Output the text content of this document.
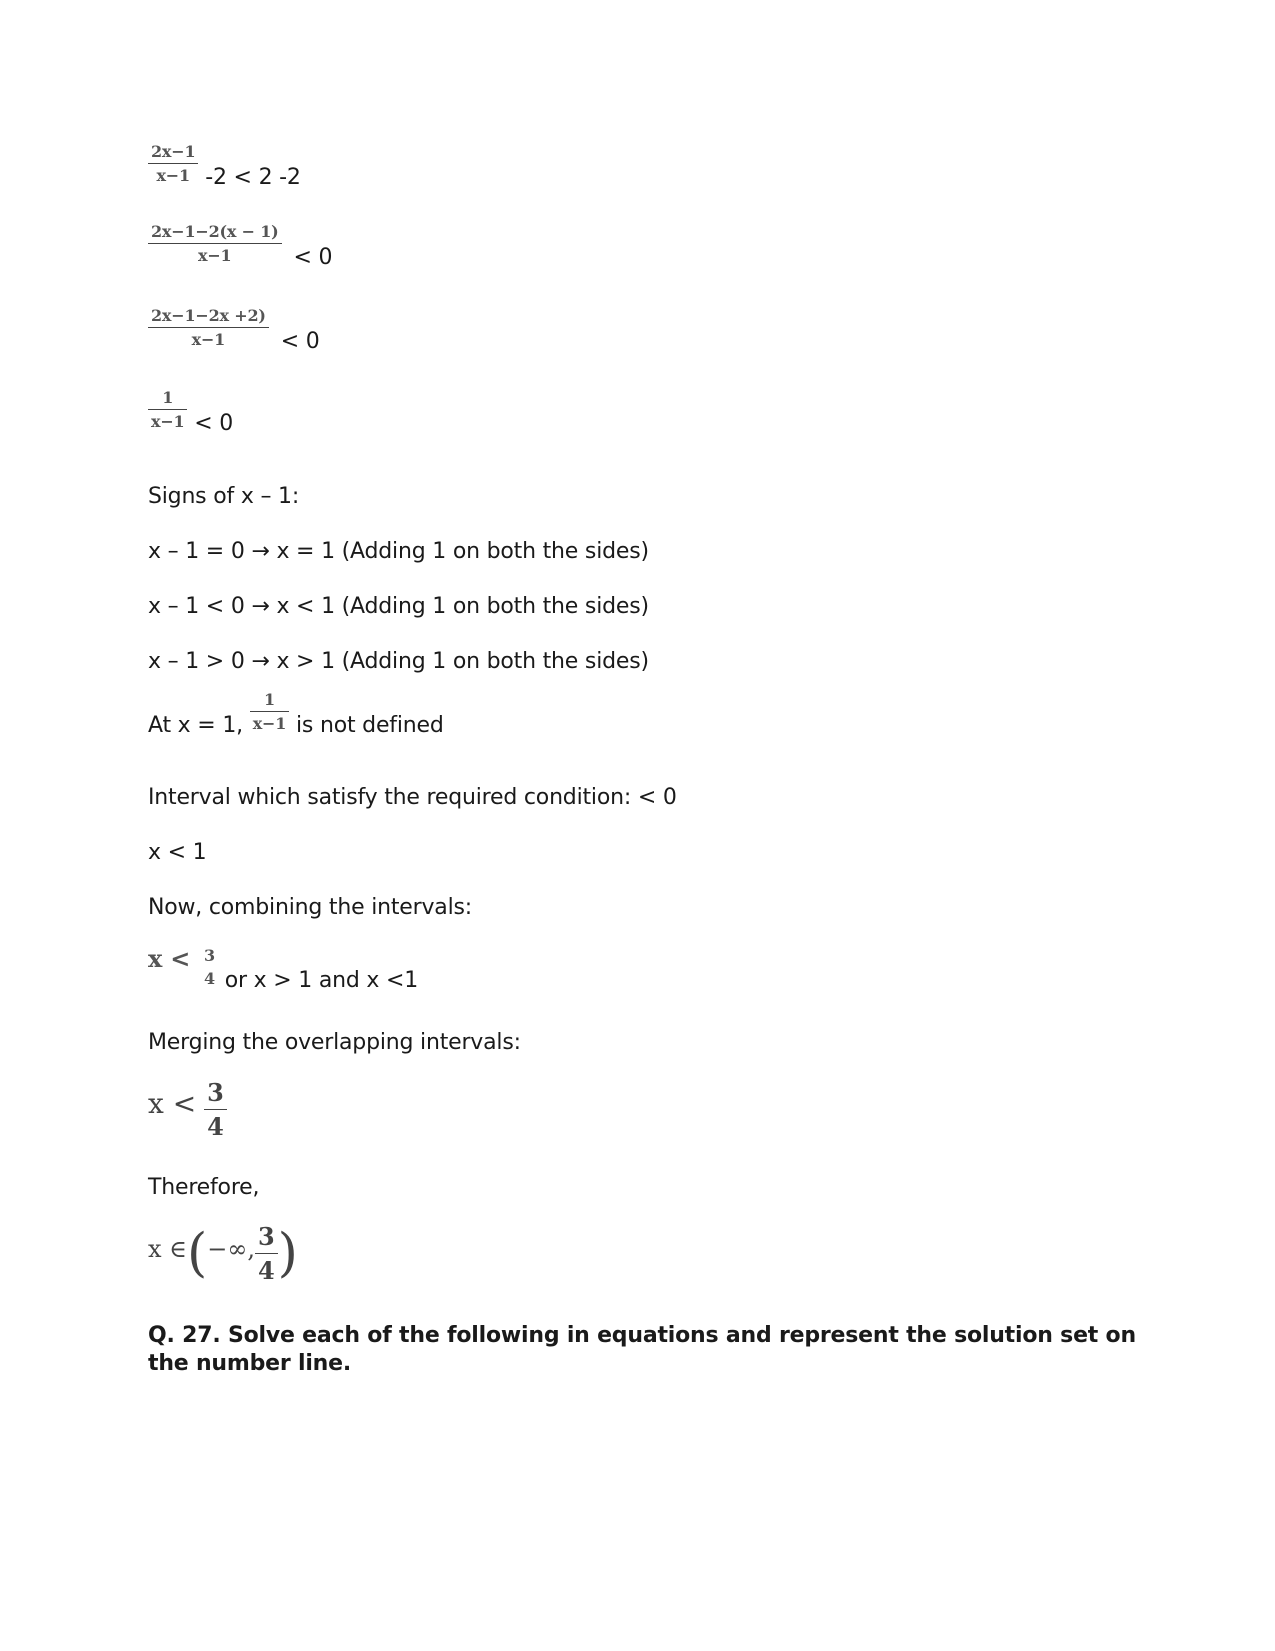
$\frac{2x-1}{x-1} -2 < 2$ -2
$\frac{2x-1-2(x - 1)}{x-1} < 0$
$\frac{2x-1-2x +2)}{x-1} < 0$
$\frac{1}{x-1} < 0$
Signs of x – 1:
x – 1 = 0 → x = 1 (Adding 1 on both the sides)
x – 1 < 0 → x < 1 (Adding 1 on both the sides)
x – 1 > 0 → x > 1 (Adding 1 on both the sides)
At x = 1, $\frac{1}{x-1}$ is not defined
Interval which satisfy the required condition: < 0
x < 1
Now, combining the intervals:
x < 3
4 or x > 1 and x <1
Merging the overlapping intervals:
$x < \frac{3}{4}$
Therefore,
x ∈(−∞, $\frac{3}{4}$ )
Q. 27. Solve each of the following in equations and represent the solution set on
the number line.
